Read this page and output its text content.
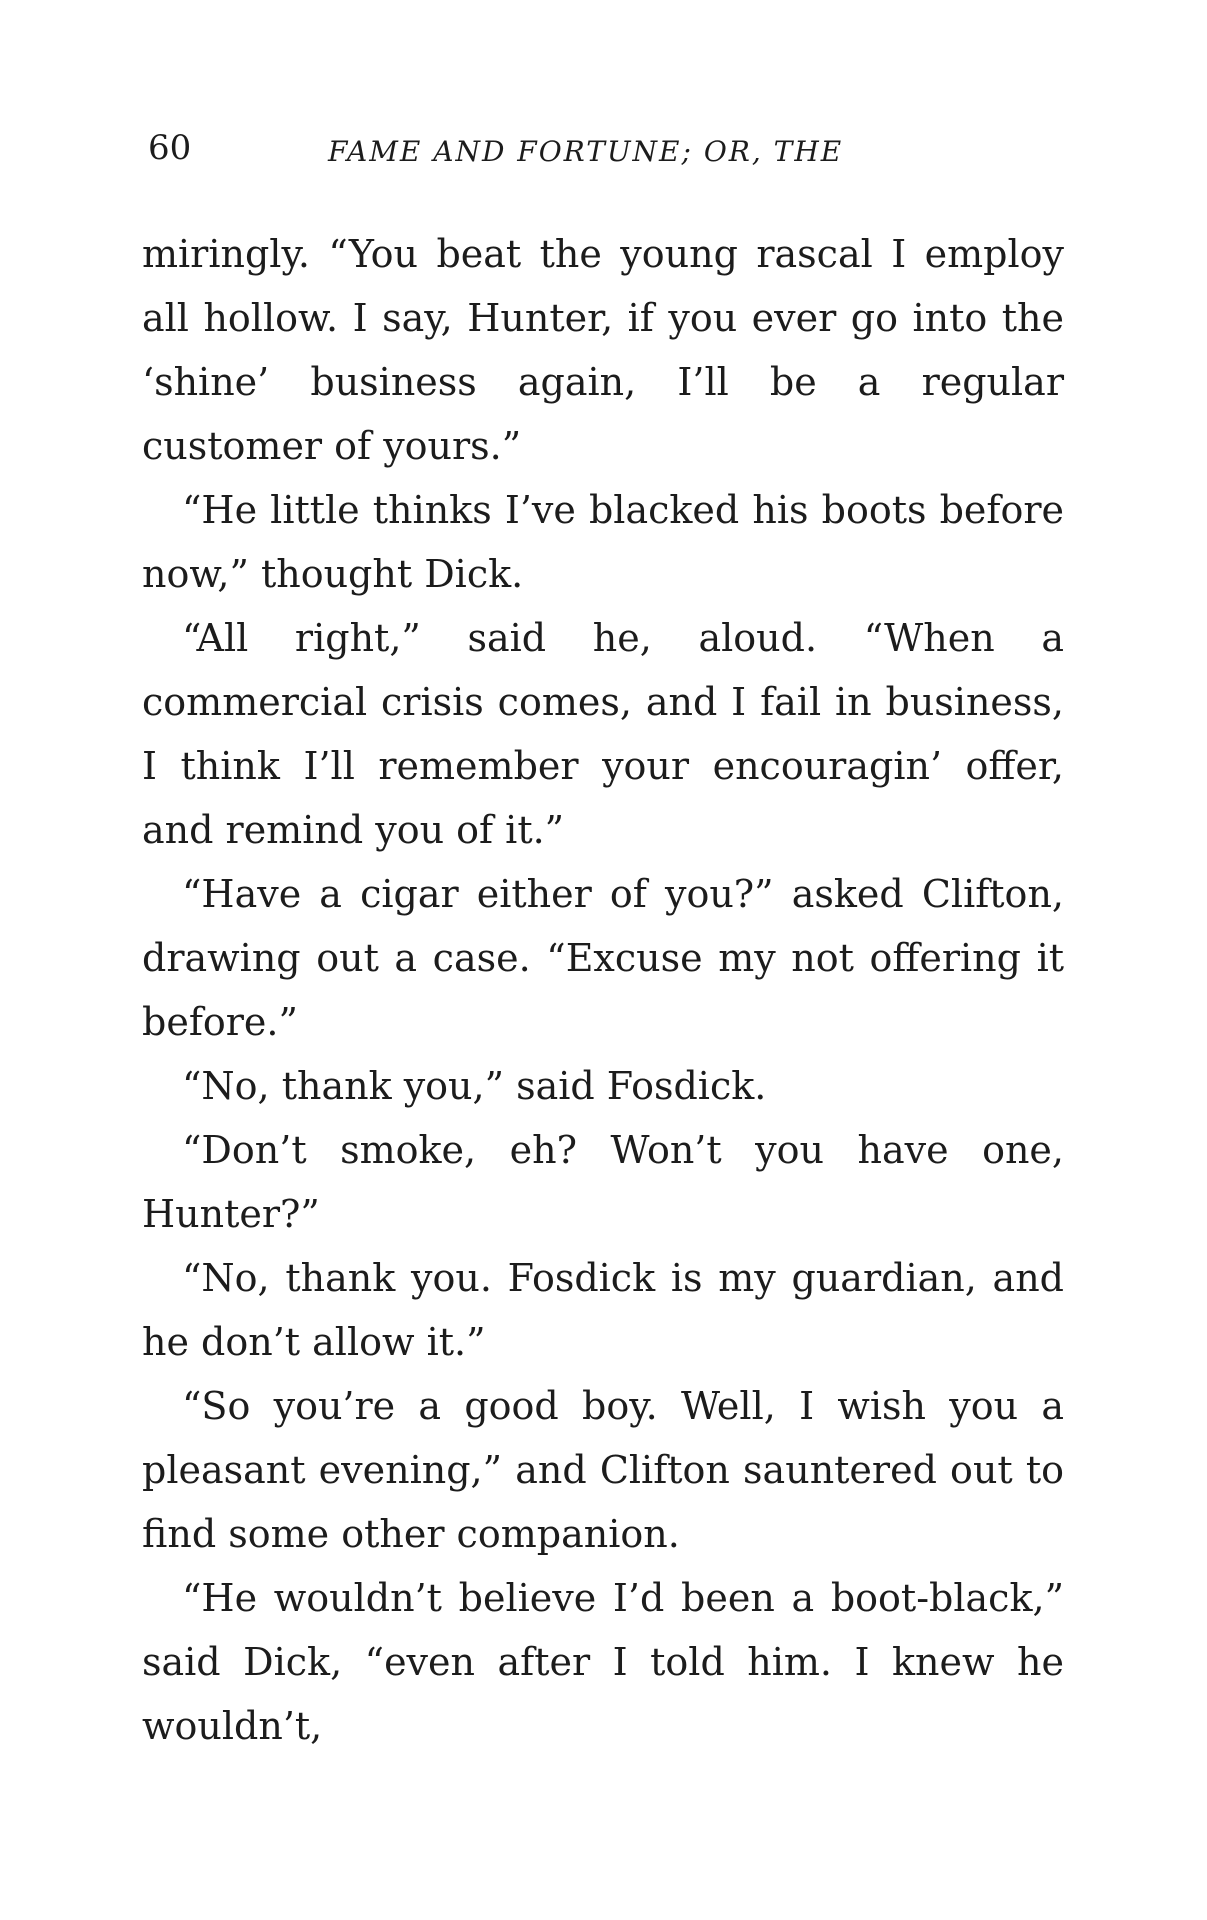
60	FAME AND FORTUNE; OR, THE

miringly. “You beat the young rascal I employ all hollow. I say, Hunter, if you ever go into the ‘shine’ business again, I’ll be a regular customer of yours.”

“He little thinks I’ve blacked his boots before now,” thought Dick.

“All right,” said he, aloud. “When a commercial crisis comes, and I fail in business, I think I’ll remember your encouragin’ offer, and remind you of it.”

“Have a cigar either of you?” asked Clifton, drawing out a case. “Excuse my not offering it before.”

“No, thank you,” said Fosdick.

“Don’t smoke, eh? Won’t you have one, Hunter?”

“No, thank you. Fosdick is my guardian, and he don’t allow it.”

“So you’re a good boy. Well, I wish you a pleasant evening,” and Clifton sauntered out to find some other companion.

“He wouldn’t believe I’d been a boot-black,” said Dick, “even after I told him. I knew he wouldn’t,
